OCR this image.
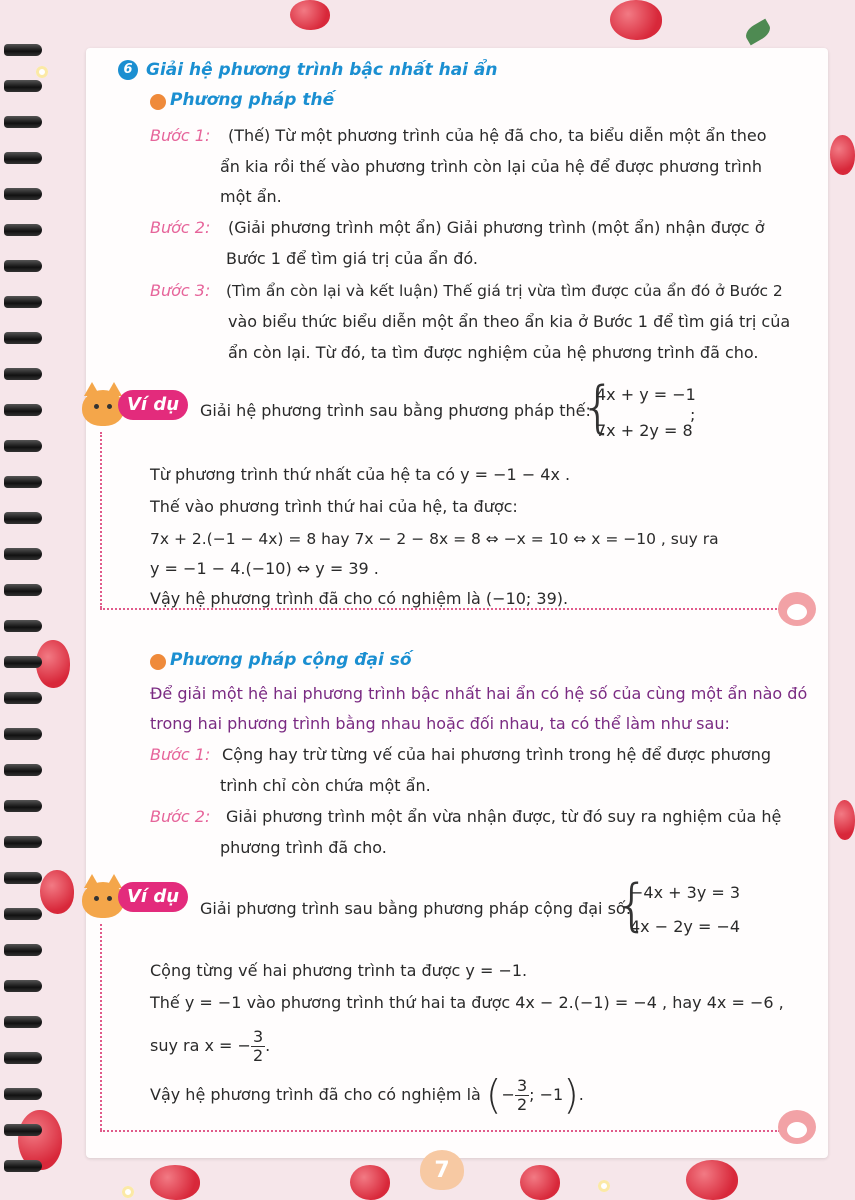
6 Giải hệ phương trình bậc nhất hai ẩn
Phương pháp thế
Bước 1: (Thế) Từ một phương trình của hệ đã cho, ta biểu diễn một ẩn theo
ẩn kia rồi thế vào phương trình còn lại của hệ để được phương trình
một ẩn.
Bước 2: (Giải phương trình một ẩn) Giải phương trình (một ẩn) nhận được ở
Bước 1 để tìm giá trị của ẩn đó.
Bước 3: (Tìm ẩn còn lại và kết luận) Thế giá trị vừa tìm được của ẩn đó ở Bước 2
vào biểu thức biểu diễn một ẩn theo ẩn kia ở Bước 1 để tìm giá trị của
ẩn còn lại. Từ đó, ta tìm được nghiệm của hệ phương trình đã cho.
Ví dụ	Giải hệ phương trình sau bằng phương pháp thế:
{
4x + y = −1
7x + 2y = 8
;
Từ phương trình thứ nhất của hệ ta có y = −1 − 4x .
Thế vào phương trình thứ hai của hệ, ta được:
7x + 2.(−1 − 4x) = 8 hay 7x − 2 − 8x = 8 ⇔ −x = 10 ⇔ x = −10 , suy ra
y = −1 − 4.(−10) ⇔ y = 39 .
Vậy hệ phương trình đã cho có nghiệm là (−10; 39).
Phương pháp cộng đại số
Để giải một hệ hai phương trình bậc nhất hai ẩn có hệ số của cùng một ẩn nào đó
trong hai phương trình bằng nhau hoặc đối nhau, ta có thể làm như sau:
Bước 1: Cộng hay trừ từng vế của hai phương trình trong hệ để được phương
trình chỉ còn chứa một ẩn.
Bước 2: Giải phương trình một ẩn vừa nhận được, từ đó suy ra nghiệm của hệ
phương trình đã cho.
Ví dụ
Giải phương trình sau bằng phương pháp cộng đại số:
{
−4x + 3y = 3
4x − 2y = −4
Cộng từng vế hai phương trình ta được y = −1.
Thế y = −1 vào phương trình thứ hai ta được 4x − 2.(−1) = −4 , hay 4x = −6 ,
suy ra x = − $\frac{3}{2}$ .
Vậy hệ phương trình đã cho có nghiệm là (− $\frac{3}{2}$ ; −1).
7
